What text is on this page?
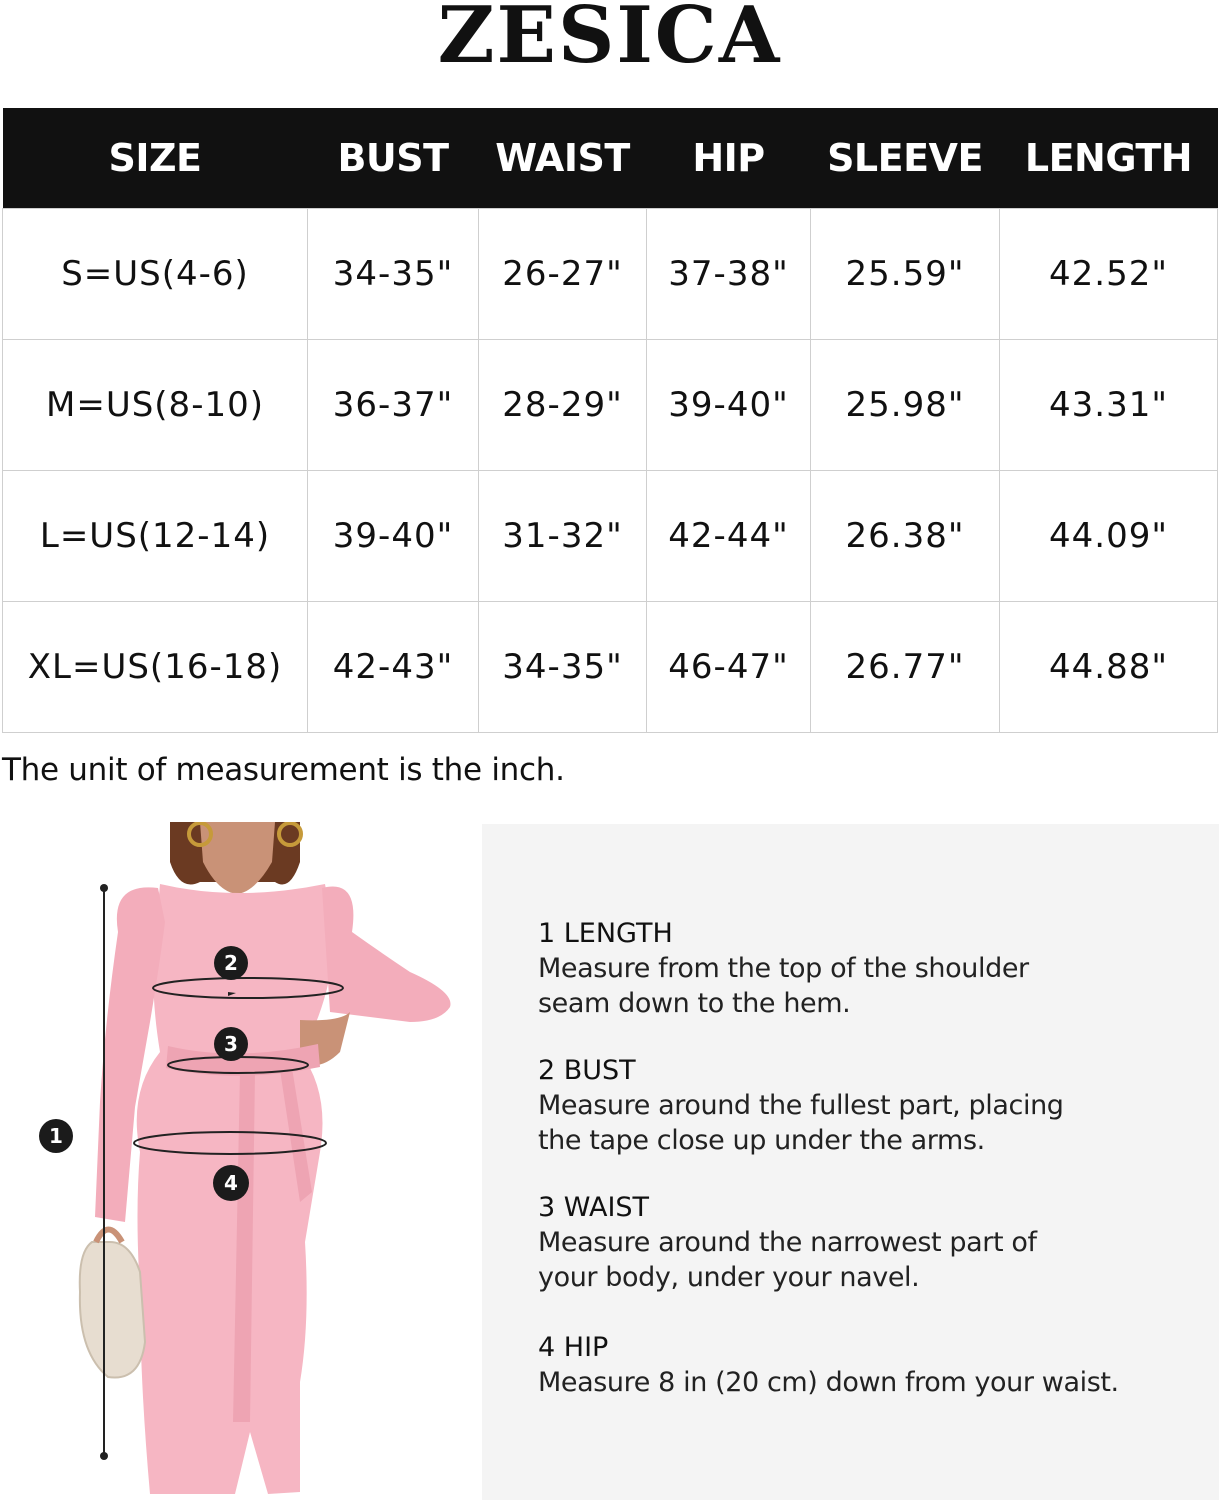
ZESICA
SIZE	BUST	WAIST	HIP	SLEEVE	LENGTH
S=US(4-6)	34-35"	26-27"	37-38"	25.59"	42.52"
M=US(8-10)	36-37"	28-29"	39-40"	25.98"	43.31"
L=US(12-14)	39-40"	31-32"	42-44"	26.38"	44.09"
XL=US(16-18)	42-43"	34-35"	46-47"	26.77"	44.88"
The unit of measurement is the inch.
1
2
3
4
1 LENGTH
Measure from the top of the shoulder
seam down to the hem.
2 BUST
Measure around the fullest part, placing
the tape close up under the arms.
3 WAIST
Measure around the narrowest part of
your body, under your navel.
4 HIP
Measure 8 in (20 cm) down from your waist.
